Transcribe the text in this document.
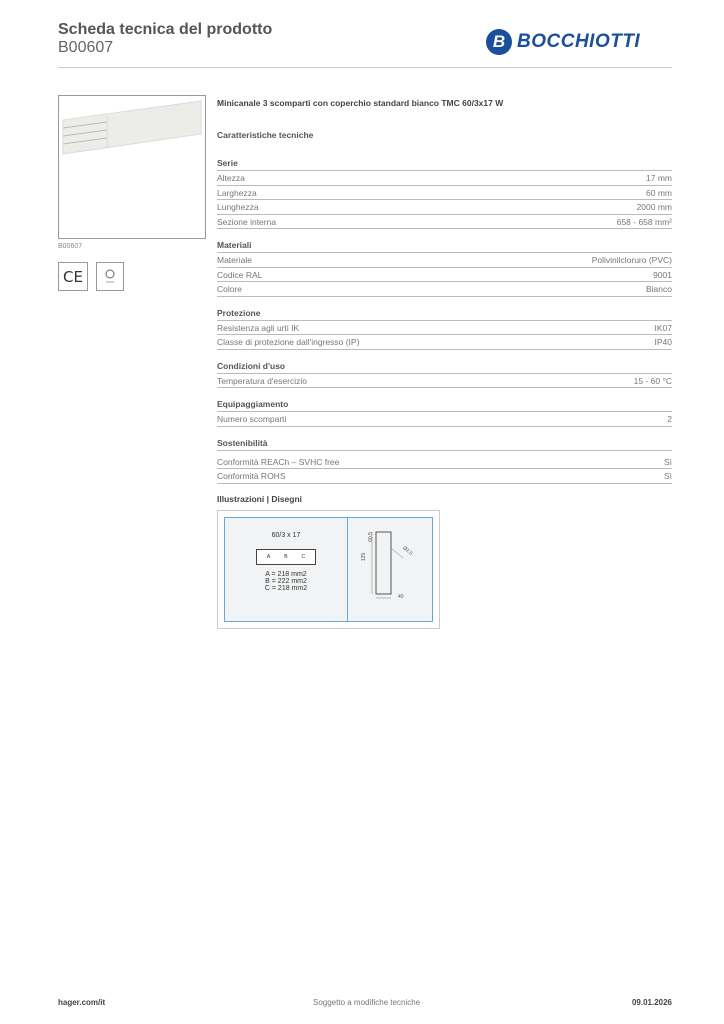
Scheda tecnica del prodotto
B00607	B BOCCHIOTTI
B00607
CE
Minicanale 3 scomparti con coperchio standard bianco TMC 60/3x17 W
Caratteristiche tecniche
Serie
Altezza	17 mm
Larghezza	60 mm
Lunghezza	2000 mm
Sezione interna	658 - 658 mm²
Materiali
Materiale	Polivinilcloruro (PVC)
Codice RAL	9001
Colore	Bianco
Protezione
Resistenza agli urti IK	IK07
Classe di protezione dall'ingresso (IP)	IP40
Condizioni d'uso
Temperatura d'esercizio	15 - 60 °C
Equipaggiamento
Numero scomparti	2
Sostenibilità
Conformità REACh – SVHC free	Sì
Conformità ROHS	Sì
Illustrazioni | Disegni
60/3 x 17
A	B	C
A = 218 mm2
B = 222 mm2
C = 218 mm2
125
60.5
40
Ø2.5
hager.com/it	Soggetto a modifiche tecniche	09.01.2026
